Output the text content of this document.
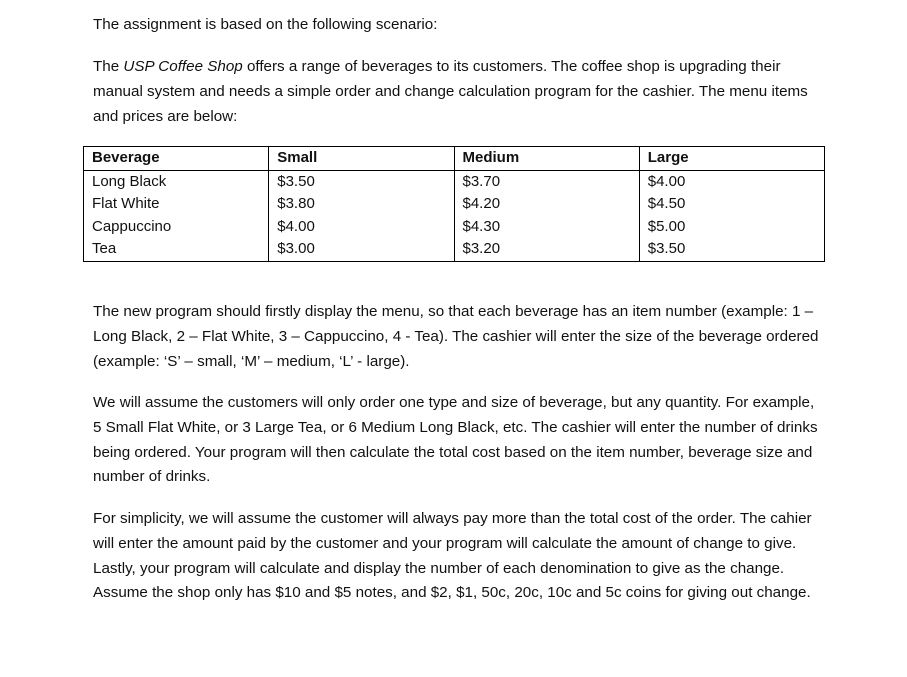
The assignment is based on the following scenario:

The USP Coffee Shop offers a range of beverages to its customers. The coffee shop is upgrading their manual system and needs a simple order and change calculation program for the cashier. The menu items and prices are below:

Beverage	Small	Medium	Large
Long Black	$3.50	$3.70	$4.00
Flat White	$3.80	$4.20	$4.50
Cappuccino	$4.00	$4.30	$5.00
Tea	$3.00	$3.20	$3.50

The new program should firstly display the menu, so that each beverage has an item number (example: 1 – Long Black, 2 – Flat White, 3 – Cappuccino, 4 - Tea). The cashier will enter the size of the beverage ordered (example: ‘S’ – small, ‘M’ – medium, ‘L’ - large).

We will assume the customers will only order one type and size of beverage, but any quantity. For example, 5 Small Flat White, or 3 Large Tea, or 6 Medium Long Black, etc. The cashier will enter the number of drinks being ordered. Your program will then calculate the total cost based on the item number, beverage size and number of drinks.

For simplicity, we will assume the customer will always pay more than the total cost of the order. The cahier will enter the amount paid by the customer and your program will calculate the amount of change to give. Lastly, your program will calculate and display the number of each denomination to give as the change. Assume the shop only has $10 and $5 notes, and $2, $1, 50c, 20c, 10c and 5c coins for giving out change.
